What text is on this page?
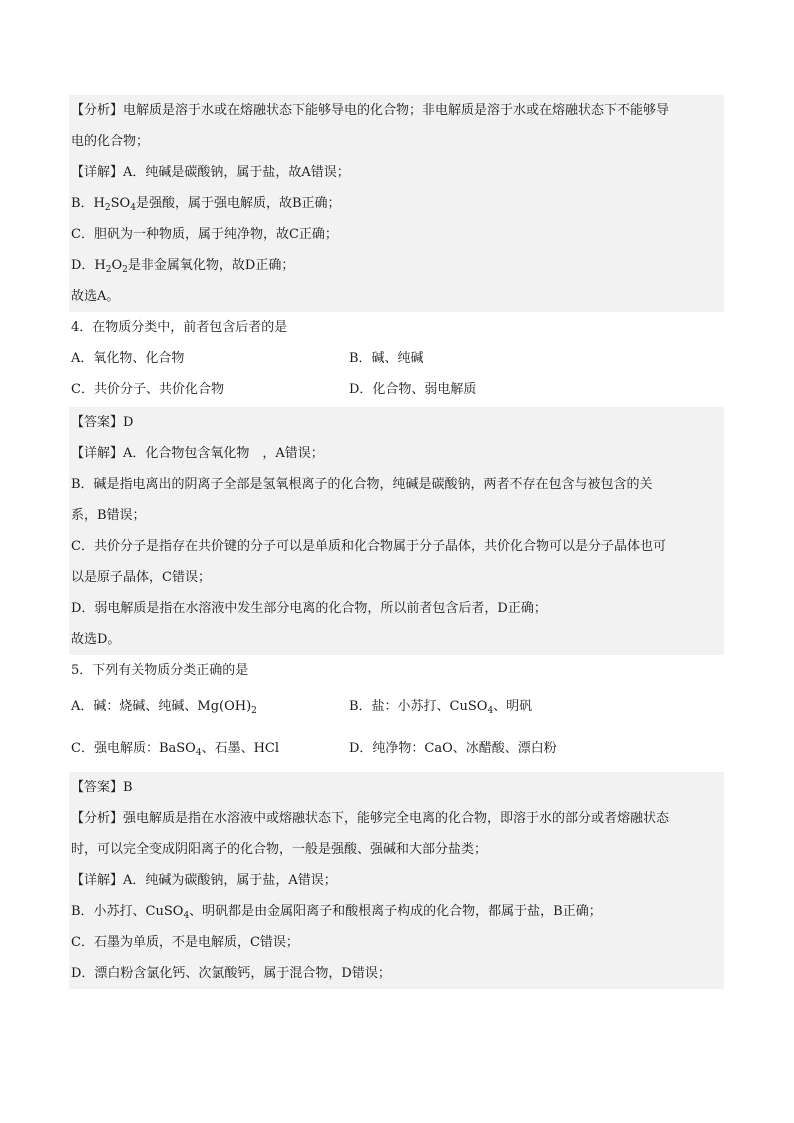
【分析】电解质是溶于水或在熔融状态下能够导电的化合物；非电解质是溶于水或在熔融状态下不能够导
电的化合物；
【详解】A．纯碱是碳酸钠，属于盐，故A错误；
B．$H_2SO_4$是强酸，属于强电解质，故B正确；
C．胆矾为一种物质，属于纯净物，故C正确；
D．$H_2O_2$是非金属氧化物，故D正确；
故选A。
4．在物质分类中，前者包含后者的是
A．氧化物、化合物	B．碱、纯碱
C．共价分子、共价化合物	D．化合物、弱电解质
【答案】D
【详解】A．化合物包含氧化物　，A错误；
B．碱是指电离出的阴离子全部是氢氧根离子的化合物，纯碱是碳酸钠，两者不存在包含与被包含的关
系，B错误；
C．共价分子是指存在共价键的分子可以是单质和化合物属于分子晶体，共价化合物可以是分子晶体也可
以是原子晶体，C错误；
D．弱电解质是指在水溶液中发生部分电离的化合物，所以前者包含后者，D正确；
故选D。
5．下列有关物质分类正确的是
A．碱：烧碱、纯碱、$Mg(OH)_2$	B．盐：小苏打、CuSO$_4$、明矾
C．强电解质：BaSO$_4$、石墨、HCl	D．纯净物：CaO、冰醋酸、漂白粉
【答案】B
【分析】强电解质是指在水溶液中或熔融状态下，能够完全电离的化合物，即溶于水的部分或者熔融状态
时，可以完全变成阴阳离子的化合物，一般是强酸、强碱和大部分盐类；
【详解】A．纯碱为碳酸钠，属于盐，A错误；
B．小苏打、CuSO$_4$、明矾都是由金属阳离子和酸根离子构成的化合物，都属于盐，B正确；
C．石墨为单质，不是电解质，C错误；
D．漂白粉含氯化钙、次氯酸钙，属于混合物，D错误；
